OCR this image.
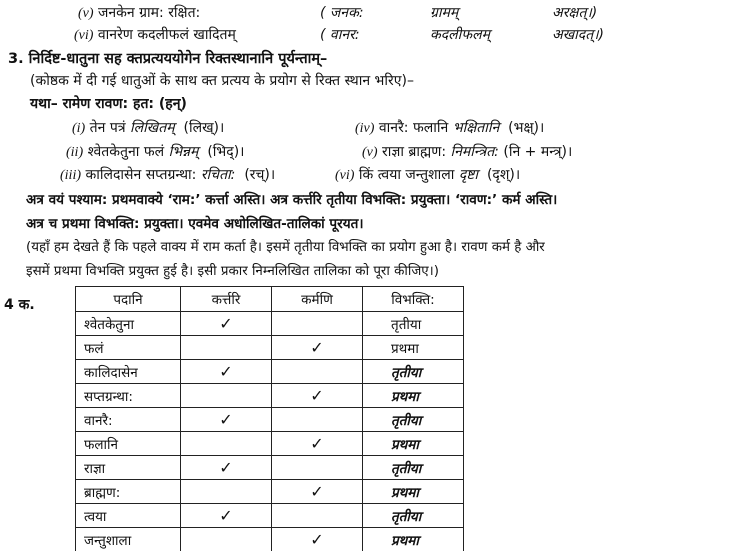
(v) जनकेन ग्राम: रक्षित:	( जनक:	ग्रामम्	अरक्षत्।)
(vi) वानरेण कदलीफलं खादितम्	( वानर:	कदलीफलम्	अखादत्।)
3. निर्दिष्ट-धातुना सह क्तप्रत्यययोगेन रिक्तस्थानानि पूर्यन्ताम्–
(कोष्ठक में दी गई धातुओं के साथ क्त प्रत्यय के प्रयोग से रिक्त स्थान भरिए)–
यथा– रामेण रावण: हत: (हन्)
(i) तेन पत्रं लिखितम् (लिख्)।	(iv) वानरै: फलानि भक्षितानि (भक्ष्)।
(ii) श्वेतकेतुना फलं भिन्नम् (भिद्)।	(v) राज्ञा ब्राह्मण: निमन्त्रित: (नि + मन्त्र्)।
(iii) कालिदासेन सप्तग्रन्था: रचिता: (रच्)।	(vi) किं त्वया जन्तुशाला दृष्टा (दृश्)।
अत्र वयं पश्याम: प्रथमवाक्ये ‘राम:’ कर्त्ता अस्ति। अत्र कर्त्तरि तृतीया विभक्ति: प्रयुक्ता। ‘रावण:’ कर्म अस्ति।
अत्र च प्रथमा विभक्ति: प्रयुक्ता। एवमेव अधोलिखित-तालिकां पूरयत।
(यहाँ हम देखते हैं कि पहले वाक्य में राम कर्ता है। इसमें तृतीया विभक्ति का प्रयोग हुआ है। रावण कर्म है और
इसमें प्रथमा विभक्ति प्रयुक्त हुई है। इसी प्रकार निम्नलिखित तालिका को पूरा कीजिए।)
4 क.	पदानि	कर्त्तरि	कर्मणि	विभक्ति:
श्वेतकेतुना	✓		तृतीया
फलं		✓	प्रथमा
कालिदासेन	✓		तृतीया
सप्तग्रन्था:		✓	प्रथमा
वानरै:	✓		तृतीया
फलानि		✓	प्रथमा
राज्ञा	✓		तृतीया
ब्राह्मण:		✓	प्रथमा
त्वया	✓		तृतीया
जन्तुशाला		✓	प्रथमा
